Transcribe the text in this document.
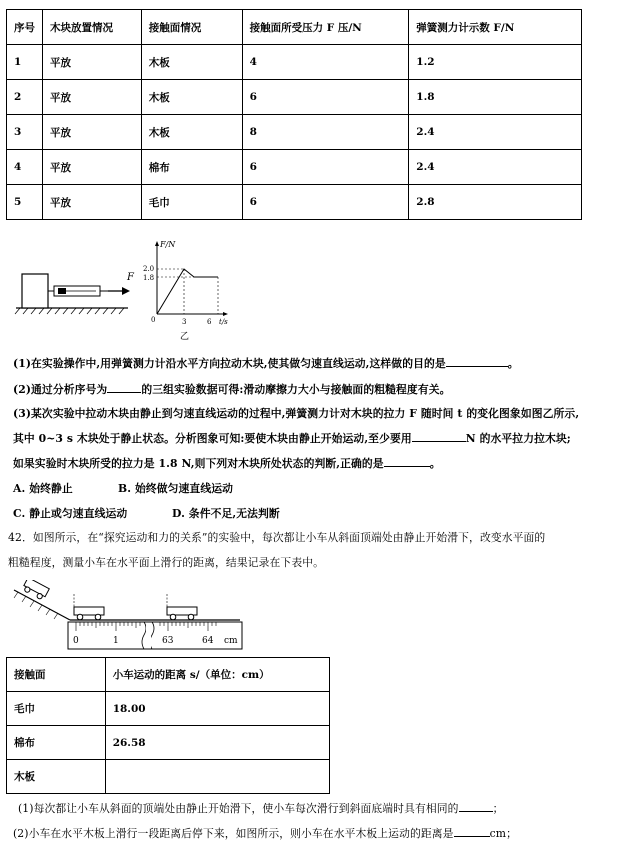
序号	木块放置情况	接触面情况	接触面所受压力 F 压/N	弹簧测力计示数 F/N
1	平放	木板	4	1.2
2	平放	木板	6	1.8
3	平放	木板	8	2.4
4	平放	棉布	6	2.4
5	平放	毛巾	6	2.8
F
F/N
t/s
2.0
1.8
0	3	6
乙
(1)在实验操作中,用弹簧测力计沿水平方向拉动木块,使其做匀速直线运动,这样做的目的是	。
(2)通过分析序号为	的三组实验数据可得:滑动摩擦力大小与接触面的粗糙程度有关。
(3)某次实验中拉动木块由静止到匀速直线运动的过程中,弹簧测力计对木块的拉力 F 随时间 t 的变化图象如图乙所示,
其中 0~3 s 木块处于静止状态。分析图象可知:要使木块由静止开始运动,至少要用	N 的水平拉力拉木块;
如果实验时木块所受的拉力是 1.8 N,则下列对木块所处状态的判断,正确的是	。
A. 始终静止	B. 始终做匀速直线运动
C. 静止或匀速直线运动	D. 条件不足,无法判断
42．如图所示，在“探究运动和力的关系”的实验中，每次都让小车从斜面顶端处由静止开始滑下，改变水平面的
粗糙程度，测量小车在水平面上滑行的距离，结果记录在下表中。
0	1	63	64 cm
接触面	小车运动的距离 s/（单位：cm）
毛巾	18.00
棉布	26.58
木板	
(1)每次都让小车从斜面的顶端处由静止开始滑下，使小车每次滑行到斜面底端时具有相同的	；
(2)小车在水平木板上滑行一段距离后停下来，如图所示，则小车在水平木板上运动的距离是	cm；
